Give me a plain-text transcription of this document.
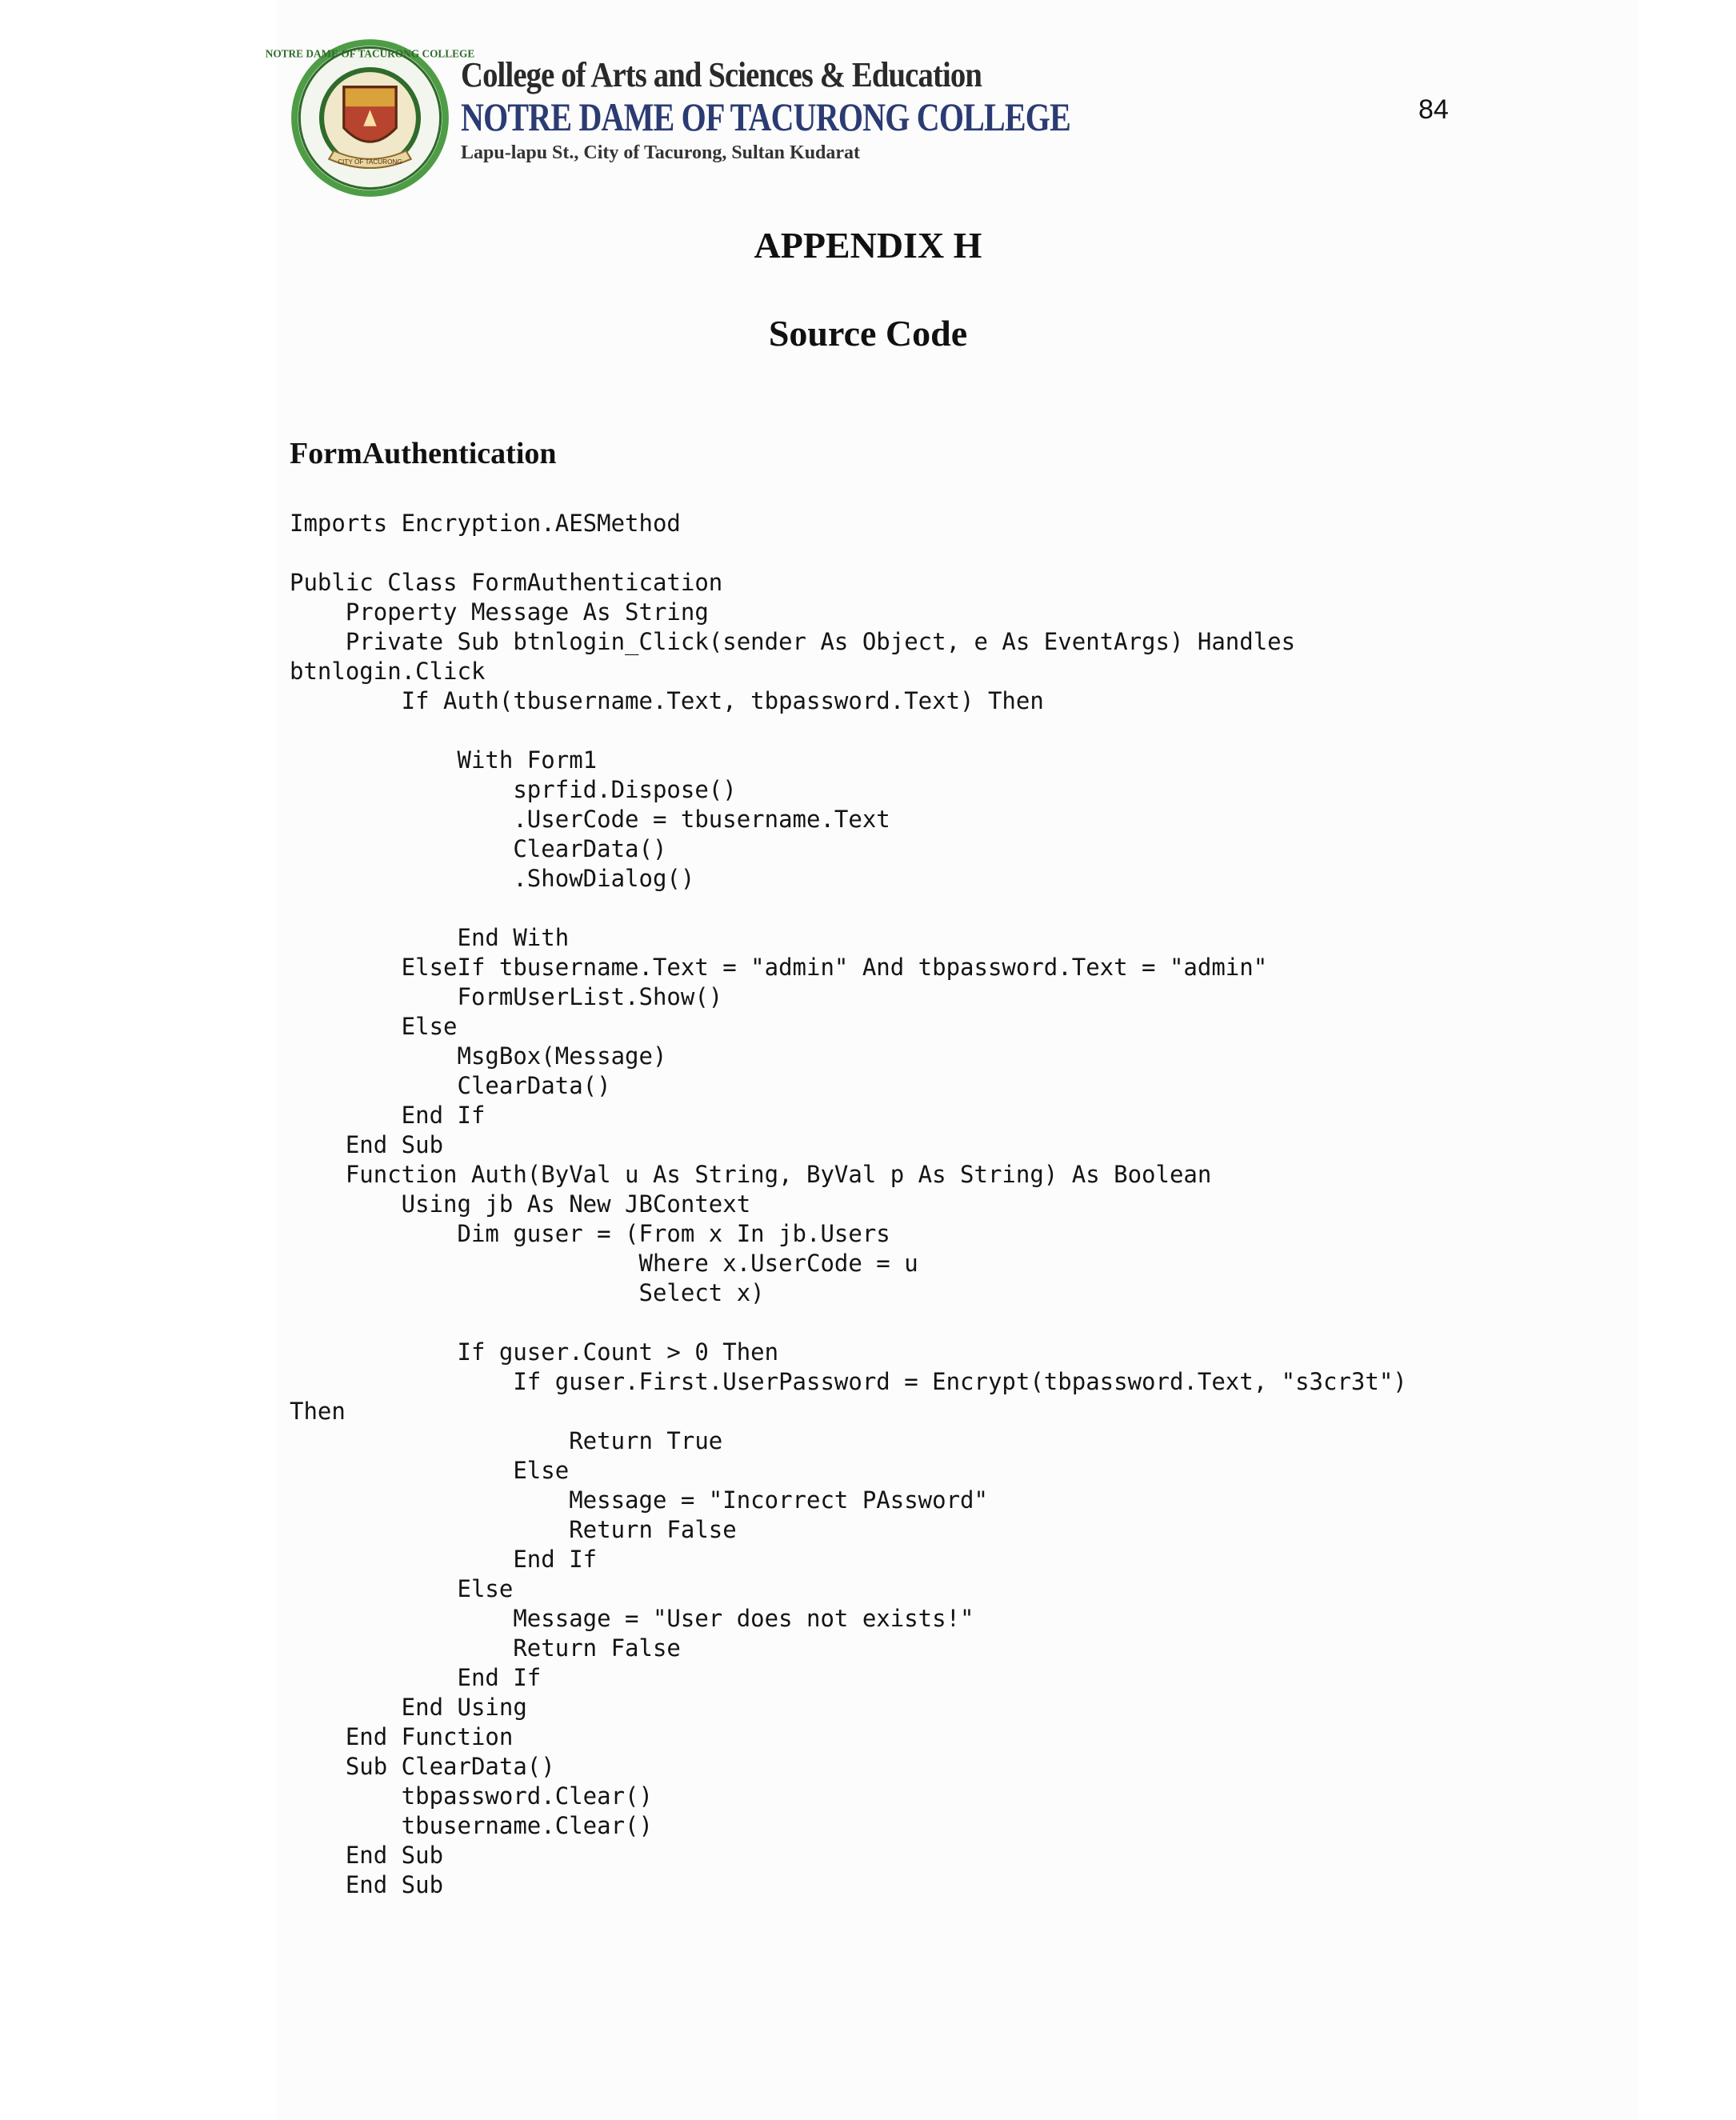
NOTRE DAME OF TACURONG COLLEGE
CITY OF TACURONG
College of Arts and Sciences & Education
NOTRE DAME OF TACURONG COLLEGE
Lapu-lapu St., City of Tacurong, Sultan Kudarat
84
APPENDIX H
Source Code
FormAuthentication
Imports Encryption.AESMethod
Public Class FormAuthentication
Property Message As String
Private Sub btnlogin_Click(sender As Object, e As EventArgs) Handles
btnlogin.Click
If Auth(tbusername.Text, tbpassword.Text) Then
With Form1
sprfid.Dispose()
.UserCode = tbusername.Text
ClearData()
.ShowDialog()
End With
ElseIf tbusername.Text = "admin" And tbpassword.Text = "admin"
FormUserList.Show()
Else
MsgBox(Message)
ClearData()
End If
End Sub
Function Auth(ByVal u As String, ByVal p As String) As Boolean
Using jb As New JBContext
Dim guser = (From x In jb.Users
Where x.UserCode = u
Select x)
If guser.Count > 0 Then
If guser.First.UserPassword = Encrypt(tbpassword.Text, "s3cr3t")
Then
Return True
Else
Message = "Incorrect PAssword"
Return False
End If
Else
Message = "User does not exists!"
Return False
End If
End Using
End Function
Sub ClearData()
tbpassword.Clear()
tbusername.Clear()
End Sub
End Sub
